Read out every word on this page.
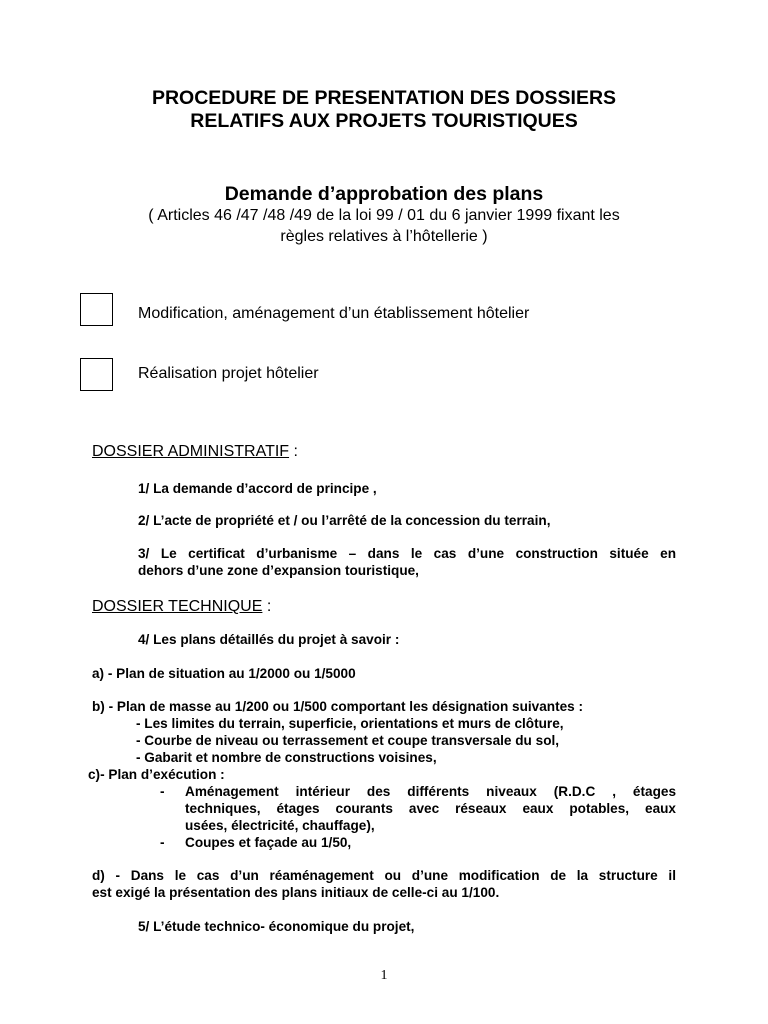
PROCEDURE DE PRESENTATION DES DOSSIERS
RELATIFS AUX PROJETS TOURISTIQUES
Demande d’approbation des plans
( Articles 46 /47 /48 /49 de la loi 99 / 01 du 6 janvier 1999 fixant les
règles relatives à l’hôtellerie )
Modification, aménagement d’un établissement hôtelier
Réalisation projet hôtelier
DOSSIER ADMINISTRATIF :
1/ La demande d’accord de principe ,
2/ L’acte de propriété et / ou l’arrêté de la concession du terrain,
3/ Le certificat d’urbanisme – dans le cas d’une construction située en
dehors d’une zone d’expansion touristique,
DOSSIER TECHNIQUE :
4/ Les plans détaillés du projet à savoir :
a) - Plan de situation au 1/2000 ou 1/5000
b) - Plan de masse au 1/200 ou 1/500 comportant les désignation suivantes :
- Les limites du terrain, superficie, orientations et murs de clôture,
- Courbe de niveau ou terrassement et coupe transversale du sol,
- Gabarit et nombre de constructions voisines,
c)- Plan d’exécution :
- Aménagement intérieur des différents niveaux (R.D.C , étages
techniques, étages courants avec réseaux eaux potables, eaux
usées, électricité, chauffage),
- Coupes et façade au 1/50,
d) - Dans le cas d’un réaménagement ou d’une modification de la structure il
est exigé la présentation des plans initiaux de celle-ci au 1/100.
5/ L’étude technico- économique du projet,
1
